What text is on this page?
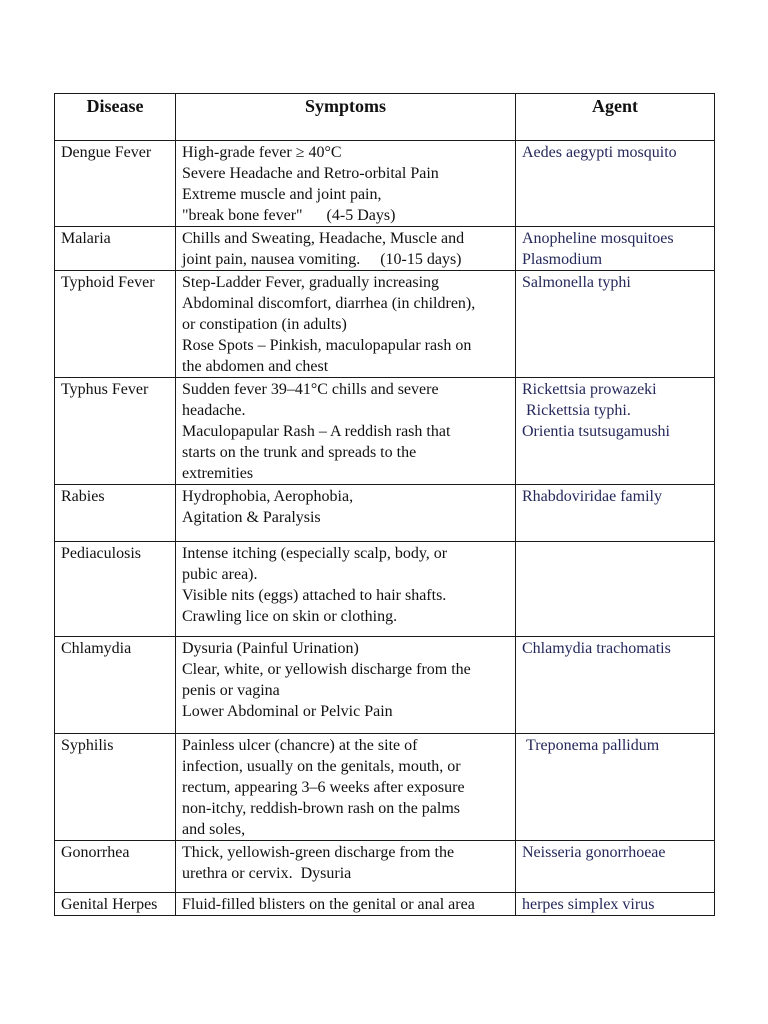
Disease	Symptoms	Agent
Dengue Fever	High-grade fever ≥ 40°C
Severe Headache and Retro-orbital Pain
Extreme muscle and joint pain,
"break bone fever"      (4-5 Days)	Aedes aegypti mosquito

Malaria	Chills and Sweating, Headache, Muscle and
joint pain, nausea vomiting.     (10-15 days)	Anopheline mosquitoes
Plasmodium

Typhoid Fever	Step-Ladder Fever, gradually increasing
Abdominal discomfort, diarrhea (in children),
or constipation (in adults)
Rose Spots – Pinkish, maculopapular rash on
the abdomen and chest	Salmonella typhi

Typhus Fever	Sudden fever 39–41°C chills and severe
headache.
Maculopapular Rash – A reddish rash that
starts on the trunk and spreads to the
extremities	Rickettsia prowazeki
Rickettsia typhi.
Orientia tsutsugamushi

Rabies	Hydrophobia, Aerophobia,
Agitation & Paralysis	Rhabdoviridae family

Pediaculosis	Intense itching (especially scalp, body, or
pubic area).
Visible nits (eggs) attached to hair shafts.
Crawling lice on skin or clothing.	

Chlamydia	Dysuria (Painful Urination)
Clear, white, or yellowish discharge from the
penis or vagina
Lower Abdominal or Pelvic Pain	Chlamydia trachomatis

Syphilis	Painless ulcer (chancre) at the site of
infection, usually on the genitals, mouth, or
rectum, appearing 3–6 weeks after exposure
non-itchy, reddish-brown rash on the palms
and soles,	Treponema pallidum

Gonorrhea	Thick, yellowish-green discharge from the
urethra or cervix.  Dysuria	Neisseria gonorrhoeae

Genital Herpes	Fluid-filled blisters on the genital or anal area	herpes simplex virus
